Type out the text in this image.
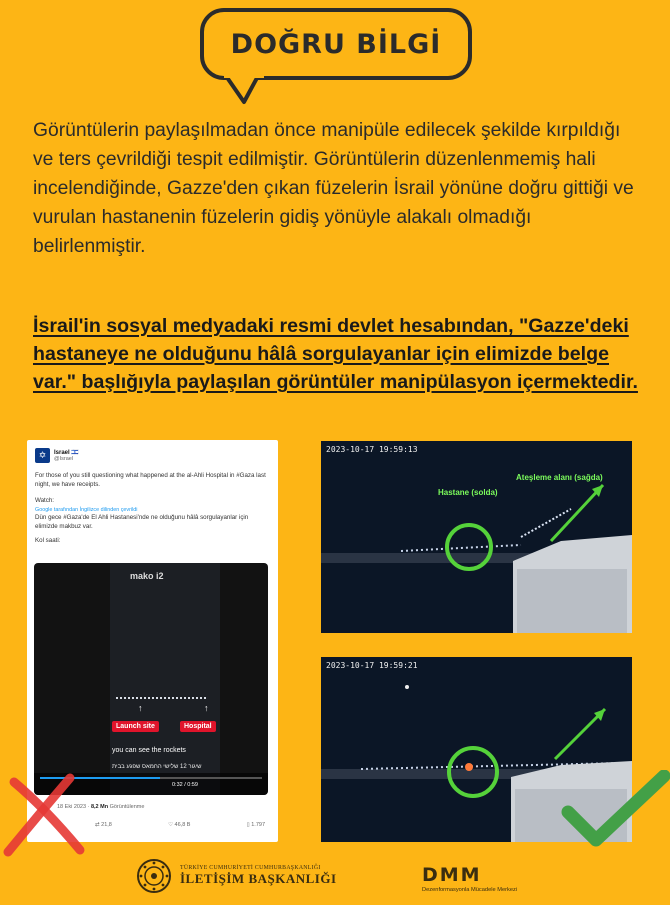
DOĞRU BİLGİ

Görüntülerin paylaşılmadan önce manipüle edilecek şekilde kırpıldığı ve ters çevrildiği tespit edilmiştir. Görüntülerin düzenlenmemiş hali incelendiğinde, Gazze'den çıkan füzelerin İsrail yönüne doğru gittiği ve vurulan hastanenin füzelerin gidiş yönüyle alakalı olmadığı belirlenmiştir.

İsrail'in sosyal medyadaki resmi devlet hesabından, "Gazze'deki hastaneye ne olduğunu hâlâ sorgulayanlar için elimizde belge var." başlığıyla paylaşılan görüntüler manipülasyon içermektedir.

✡	Israel 🇮🇱
@Israel

For those of you still questioning what happened at the al-Ahli Hospital in #Gaza last night, we have receipts.

Watch:

Google tarafından İngilizce dilinden çevrildi

Dün gece #Gaza'de El Ahli Hastanesi'nde ne olduğunu hâlâ sorgulayanlar için elimizde makbuz var.

Kol saati:

mako i2
↑	↑
Launch site	Hospital
you can see the rockets
שיגור 12 שלישי החמאס שפגע בבית
0:32 / 0:59
18 Eki 2023 · 8,2 Mn Görüntülenme
⇄ 21,8	♡ 46,8 B	▯ 1.797
2023-10-17 19:59:13
Hastane (solda)
Ateşleme alanı (sağda)
2023-10-17 19:59:21
TÜRKİYE CUMHURİYETİ CUMHURBAŞKANLIĞI
İLETİŞİM BAŞKANLIĞI	DMM
Dezenformasyonla Mücadele Merkezi
